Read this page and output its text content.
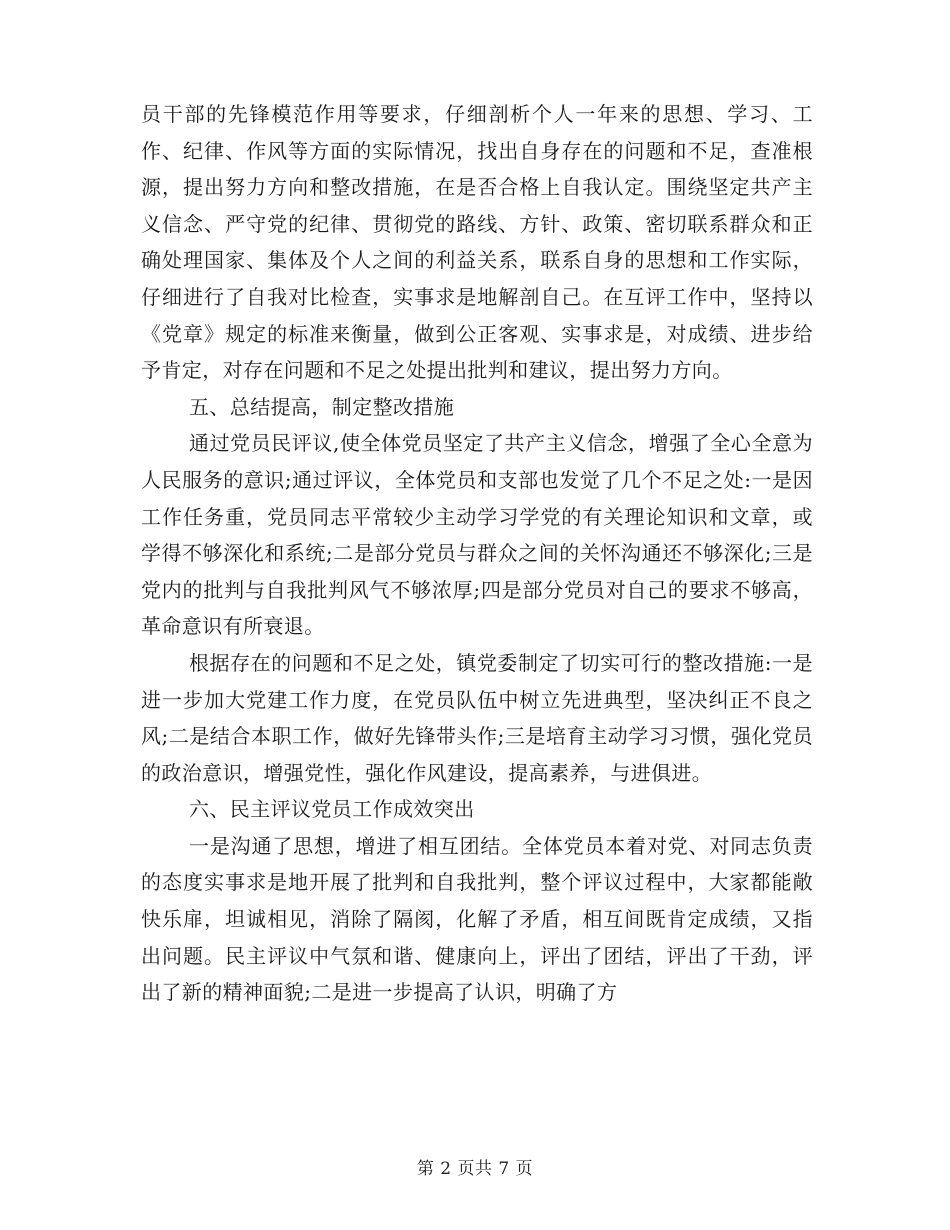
员干部的先锋模范作用等要求，仔细剖析个人一年来的思想、学习、工作、纪律、作风等方面的实际情况，找出自身存在的问题和不足，查准根源，提出努力方向和整改措施，在是否合格上自我认定。围绕坚定共产主义信念、严守党的纪律、贯彻党的路线、方针、政策、密切联系群众和正确处理国家、集体及个人之间的利益关系，联系自身的思想和工作实际，仔细进行了自我对比检查，实事求是地解剖自己。在互评工作中，坚持以《党章》规定的标准来衡量，做到公正客观、实事求是，对成绩、进步给予肯定，对存在问题和不足之处提出批判和建议，提出努力方向。

五、总结提高，制定整改措施

通过党员民评议,使全体党员坚定了共产主义信念，增强了全心全意为人民服务的意识;通过评议，全体党员和支部也发觉了几个不足之处:一是因工作任务重，党员同志平常较少主动学习学党的有关理论知识和文章，或学得不够深化和系统;二是部分党员与群众之间的关怀沟通还不够深化;三是党内的批判与自我批判风气不够浓厚;四是部分党员对自己的要求不够高，革命意识有所衰退。

根据存在的问题和不足之处，镇党委制定了切实可行的整改措施:一是进一步加大党建工作力度，在党员队伍中树立先进典型，坚决纠正不良之风;二是结合本职工作，做好先锋带头作;三是培育主动学习习惯，强化党员的政治意识，增强党性，强化作风建设，提高素养，与进俱进。

六、民主评议党员工作成效突出

一是沟通了思想，增进了相互团结。全体党员本着对党、对同志负责的态度实事求是地开展了批判和自我批判，整个评议过程中，大家都能敞快乐扉，坦诚相见，消除了隔阂，化解了矛盾，相互间既肯定成绩，又指出问题。民主评议中气氛和谐、健康向上，评出了团结，评出了干劲，评出了新的精神面貌;二是进一步提高了认识，明确了方

第 2 页共 7 页
